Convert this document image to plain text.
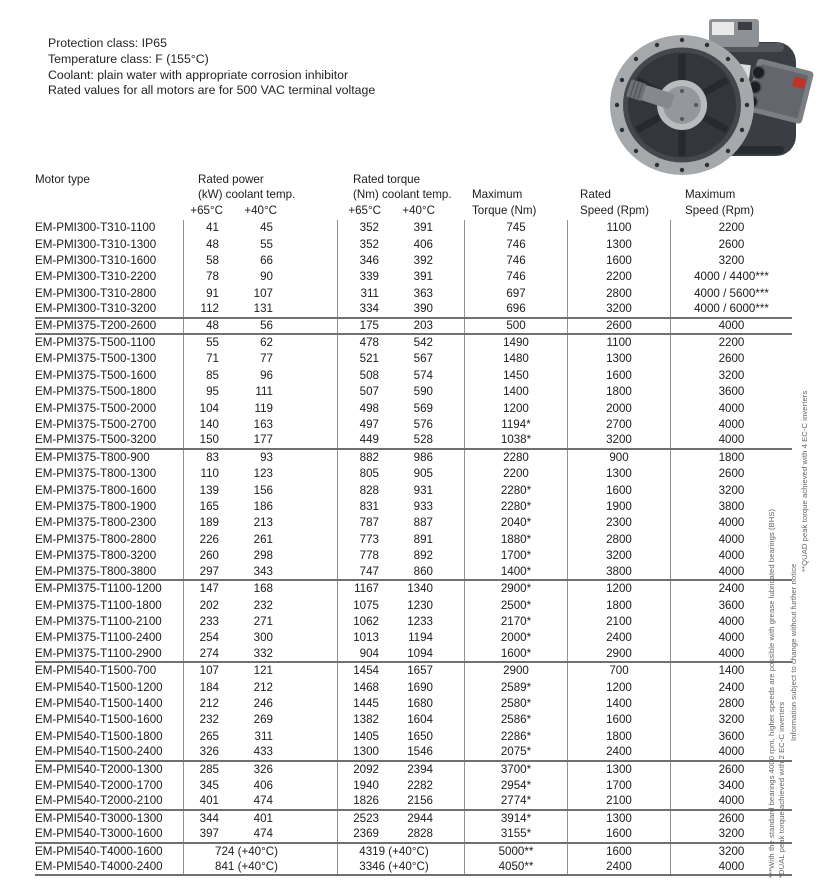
Protection class: IP65
Temperature class: F (155°C)
Coolant: plain water with appropriate corrosion inhibitor
Rated values for all motors are for 500 VAC terminal voltage
Motor type	Rated power	Rated torque
(kW) coolant temp.	(Nm) coolant temp.	Maximum	Rated	Maximum
+65°C	+40°C	+65°C	+40°C	Torque (Nm)	Speed (Rpm)	Speed (Rpm)
EM-PMI300-T310-1100	41	45	352	391	745	1100	2200
EM-PMI300-T310-1300	48	55	352	406	746	1300	2600
EM-PMI300-T310-1600	58	66	346	392	746	1600	3200
EM-PMI300-T310-2200	78	90	339	391	746	2200	4000 / 4400***
EM-PMI300-T310-2800	91	107	311	363	697	2800	4000 / 5600***
EM-PMI300-T310-3200	112	131	334	390	696	3200	4000 / 6000***
EM-PMI375-T200-2600	48	56	175	203	500	2600	4000
EM-PMI375-T500-1100	55	62	478	542	1490	1100	2200
EM-PMI375-T500-1300	71	77	521	567	1480	1300	2600
EM-PMI375-T500-1600	85	96	508	574	1450	1600	3200
EM-PMI375-T500-1800	95	111	507	590	1400	1800	3600
EM-PMI375-T500-2000	104	119	498	569	1200	2000	4000
EM-PMI375-T500-2700	140	163	497	576	1194*	2700	4000
EM-PMI375-T500-3200	150	177	449	528	1038*	3200	4000
EM-PMI375-T800-900	83	93	882	986	2280	900	1800
EM-PMI375-T800-1300	110	123	805	905	2200	1300	2600
EM-PMI375-T800-1600	139	156	828	931	2280*	1600	3200
EM-PMI375-T800-1900	165	186	831	933	2280*	1900	3800
EM-PMI375-T800-2300	189	213	787	887	2040*	2300	4000
EM-PMI375-T800-2800	226	261	773	891	1880*	2800	4000
EM-PMI375-T800-3200	260	298	778	892	1700*	3200	4000
EM-PMI375-T800-3800	297	343	747	860	1400*	3800	4000
EM-PMI375-T1100-1200	147	168	1167	1340	2900*	1200	2400
EM-PMI375-T1100-1800	202	232	1075	1230	2500*	1800	3600
EM-PMI375-T1100-2100	233	271	1062	1233	2170*	2100	4000
EM-PMI375-T1100-2400	254	300	1013	1194	2000*	2400	4000
EM-PMI375-T1100-2900	274	332	904	1094	1600*	2900	4000
EM-PMI540-T1500-700	107	121	1454	1657	2900	700	1400
EM-PMI540-T1500-1200	184	212	1468	1690	2589*	1200	2400
EM-PMI540-T1500-1400	212	246	1445	1680	2580*	1400	2800
EM-PMI540-T1500-1600	232	269	1382	1604	2586*	1600	3200
EM-PMI540-T1500-1800	265	311	1405	1650	2286*	1800	3600
EM-PMI540-T1500-2400	326	433	1300	1546	2075*	2400	4000
EM-PMI540-T2000-1300	285	326	2092	2394	3700*	1300	2600
EM-PMI540-T2000-1700	345	406	1940	2282	2954*	1700	3400
EM-PMI540-T2000-2100	401	474	1826	2156	2774*	2100	4000
EM-PMI540-T3000-1300	344	401	2523	2944	3914*	1300	2600
EM-PMI540-T3000-1600	397	474	2369	2828	3155*	1600	3200
EM-PMI540-T4000-1600	724 (+40°C)	4319 (+40°C)	5000**	1600	3200
EM-PMI540-T4000-2400	841 (+40°C)	3346 (+40°C)	4050**	2400	4000	***With the standard bearings 4000 rpm, higher speeds are possible with grease lubricated bearings (BHS) *DUAL peak torque achieved with 2 EC-C inverters
Information subject to change without further notice
**QUAD peak torque achieved with 4 EC-C inverters
